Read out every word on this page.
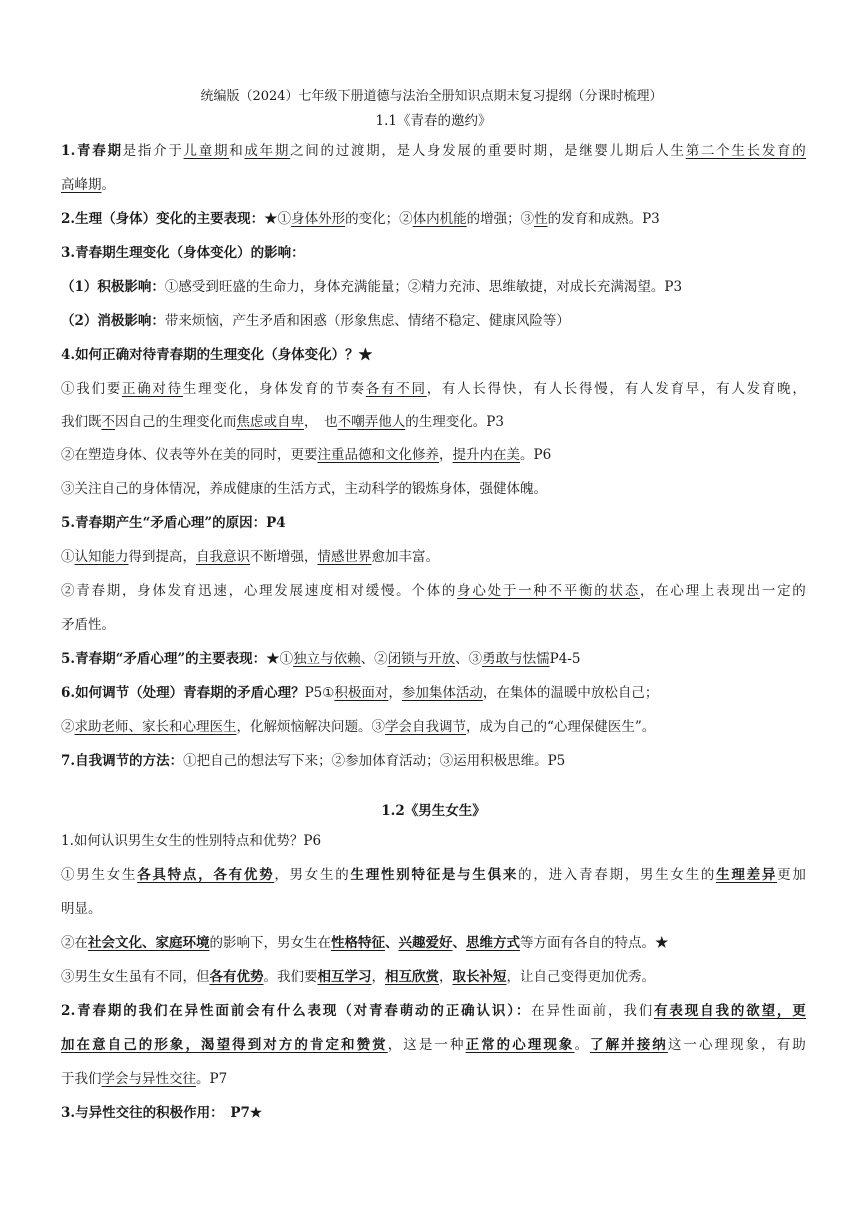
统编版（2024）七年级下册道德与法治全册知识点期末复习提纲（分课时梳理）
1.1《青春的邀约》
1.青春期是指介于儿童期和成年期之间的过渡期，是人身发展的重要时期，是继婴儿期后人生第二个生长发育的
高峰期。
2.生理（身体）变化的主要表现：★①身体外形的变化；②体内机能的增强；③性的发育和成熟。P3
3.青春期生理变化（身体变化）的影响：
（1）积极影响：①感受到旺盛的生命力，身体充满能量；②精力充沛、思维敏捷，对成长充满渴望。P3
（2）消极影响：带来烦恼，产生矛盾和困惑（形象焦虑、情绪不稳定、健康风险等）
4.如何正确对待青春期的生理变化（身体变化）？★
①我们要正确对待生理变化，身体发育的节奏各有不同，有人长得快，有人长得慢，有人发育早，有人发育晚，
我们既不因自己的生理变化而焦虑或自卑，　也不嘲弄他人的生理变化。P3
②在塑造身体、仪表等外在美的同时，更要注重品德和文化修养，提升内在美。P6
③关注自己的身体情况，养成健康的生活方式，主动科学的锻炼身体，强健体魄。
5.青春期产生“矛盾心理”的原因：P4
①认知能力得到提高，自我意识不断增强，情感世界愈加丰富。
②青春期，身体发育迅速，心理发展速度相对缓慢。个体的身心处于一种不平衡的状态，在心理上表现出一定的
矛盾性。
5.青春期“矛盾心理”的主要表现：★①独立与依赖、②闭锁与开放、③勇敢与怯懦P4-5
6.如何调节（处理）青春期的矛盾心理？P5①积极面对，参加集体活动，在集体的温暖中放松自己；
②求助老师、家长和心理医生，化解烦恼解决问题。③学会自我调节，成为自己的“心理保健医生”。
7.自我调节的方法：①把自己的想法写下来；②参加体育活动；③运用积极思维。P5
1.2《男生女生》
1.如何认识男生女生的性别特点和优势？P6
①男生女生各具特点，各有优势，男女生的生理性别特征是与生俱来的，进入青春期，男生女生的生理差异更加
明显。
②在社会文化、家庭环境的影响下，男女生在性格特征、兴趣爱好、思维方式等方面有各自的特点。★
③男生女生虽有不同，但各有优势。我们要相互学习，相互欣赏，取长补短，让自己变得更加优秀。
2.青春期的我们在异性面前会有什么表现（对青春萌动的正确认识）：在异性面前，我们有表现自我的欲望，更
加在意自己的形象，渴望得到对方的肯定和赞赏，这是一种正常的心理现象。了解并接纳这一心理现象，有助
于我们学会与异性交往。P7
3.与异性交往的积极作用：　P7★
